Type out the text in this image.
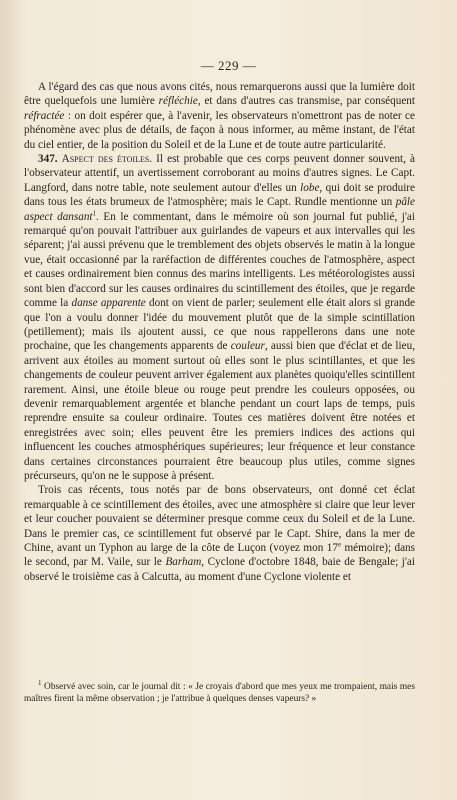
— 229 —

A l'égard des cas que nous avons cités, nous remarquerons aussi que la lumière doit être quelquefois une lumière réfléchie, et dans d'autres cas transmise, par conséquent réfractée : on doit espérer que, à l'avenir, les observateurs n'omettront pas de noter ce phénomène avec plus de détails, de façon à nous informer, au même instant, de l'état du ciel entier, de la position du Soleil et de la Lune et de toute autre particularité.

347. Aspect des étoiles. Il est probable que ces corps peuvent donner souvent, à l'observateur attentif, un avertissement corroborant au moins d'autres signes. Le Capt. Langford, dans notre table, note seulement autour d'elles un lobe, qui doit se produire dans tous les états brumeux de l'atmosphère; mais le Capt. Rundle mentionne un pâle aspect dansant$^1$. En le commentant, dans le mémoire où son journal fut publié, j'ai remarqué qu'on pouvait l'attribuer aux guirlandes de vapeurs et aux intervalles qui les séparent; j'ai aussi prévenu que le tremblement des objets observés le matin à la longue vue, était occasionné par la raréfaction de différentes couches de l'atmosphère, aspect et causes ordinairement bien connus des marins intelligents. Les météorologistes aussi sont bien d'accord sur les causes ordinaires du scintillement des étoiles, que je regarde comme la danse apparente dont on vient de parler; seulement elle était alors si grande que l'on a voulu donner l'idée du mouvement plutôt que de la simple scintillation (petillement); mais ils ajoutent aussi, ce que nous rappellerons dans une note prochaine, que les changements apparents de couleur, aussi bien que d'éclat et de lieu, arrivent aux étoiles au moment surtout où elles sont le plus scintillantes, et que les changements de couleur peuvent arriver également aux planètes quoiqu'elles scintillent rarement. Ainsi, une étoile bleue ou rouge peut prendre les couleurs opposées, ou devenir remarquablement argentée et blanche pendant un court laps de temps, puis reprendre ensuite sa couleur ordinaire. Toutes ces matières doivent être notées et enregistrées avec soin; elles peuvent être les premiers indices des actions qui influencent les couches atmosphériques supérieures; leur fréquence et leur constance dans certaines circonstances pourraient être beaucoup plus utiles, comme signes précurseurs, qu'on ne le suppose à présent.

Trois cas récents, tous notés par de bons observateurs, ont donné cet éclat remarquable à ce scintillement des étoiles, avec une atmosphère si claire que leur lever et leur coucher pouvaient se déterminer presque comme ceux du Soleil et de la Lune. Dans le premier cas, ce scintillement fut observé par le Capt. Shire, dans la mer de Chine, avant un Typhon au large de la côte de Luçon (voyez mon 17e mémoire); dans le second, par M. Vaile, sur le Barham, Cyclone d'octobre 1848, baie de Bengale; j'ai observé le troisième cas à Calcutta, au moment d'une Cyclone violente et

$^1$ Observé avec soin, car le journal dit : « Je croyais d'abord que mes yeux me trompaient, mais mes maîtres firent la même observation ; je l'attribue à quelques denses vapeurs? »
